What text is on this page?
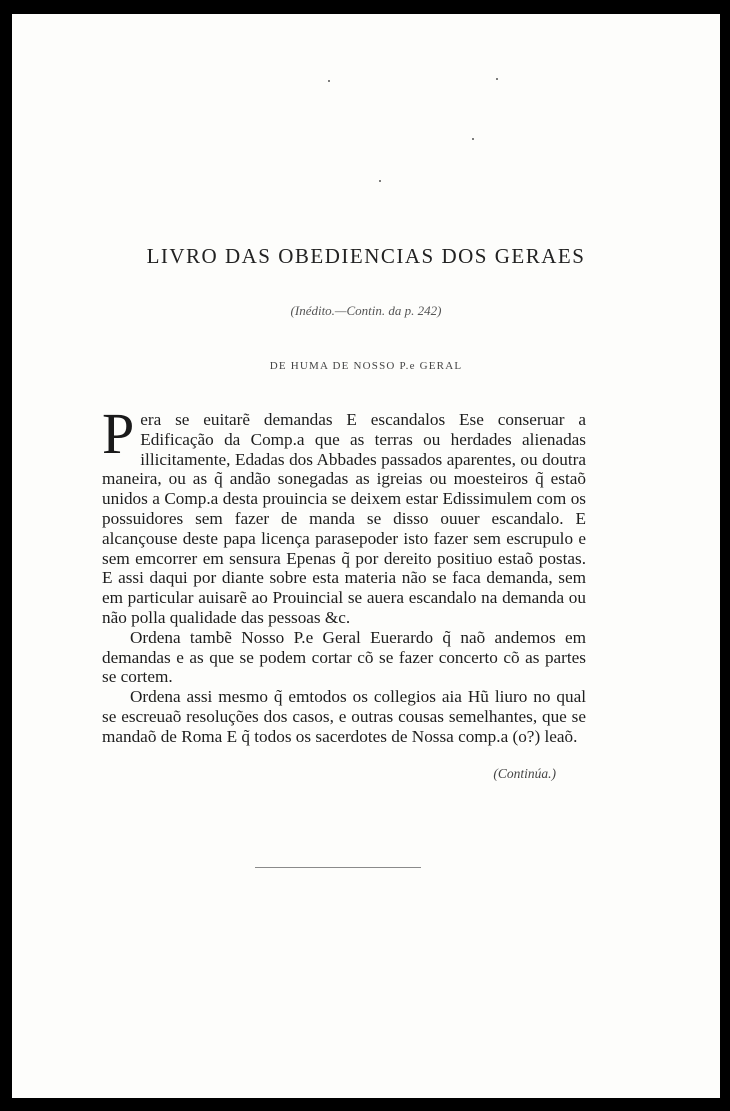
LIVRO DAS OBEDIENCIAS DOS GERAES
(Inédito.—Contin. da p. 242)
DE HUMA DE NOSSO P.e GERAL

Pera se euitarẽ demandas E escandalos Ese conseruar a Edificação da Comp.a que as terras ou herdades alienadas illicitamente, Edadas dos Abbades passados aparentes, ou doutra maneira, ou as q̃ andão sonegadas as igreias ou moesteiros q̃ estaõ unidos a Comp.a desta prouincia se deixem estar Edissimulem com os possuidores sem fazer de manda se disso ouuer escandalo. E alcançouse deste papa licença parasepoder isto fazer sem escrupulo e sem emcorrer em sensura Epenas q̃ por dereito positiuo estaõ postas. E assi daqui por diante sobre esta materia não se faca demanda, sem em particular auisarẽ ao Prouincial se auera escandalo na demanda ou não polla qualidade das pessoas &c.

Ordena tambẽ Nosso P.e Geral Euerardo q̃ naõ andemos em demandas e as que se podem cortar cõ se fazer concerto cõ as partes se cortem.

Ordena assi mesmo q̃ emtodos os collegios aia Hũ liuro no qual se escreuaõ resoluções dos casos, e outras cousas semelhantes, que se mandaõ de Roma E q̃ todos os sacerdotes de Nossa comp.a (o?) leaõ.

(Continúa.)
